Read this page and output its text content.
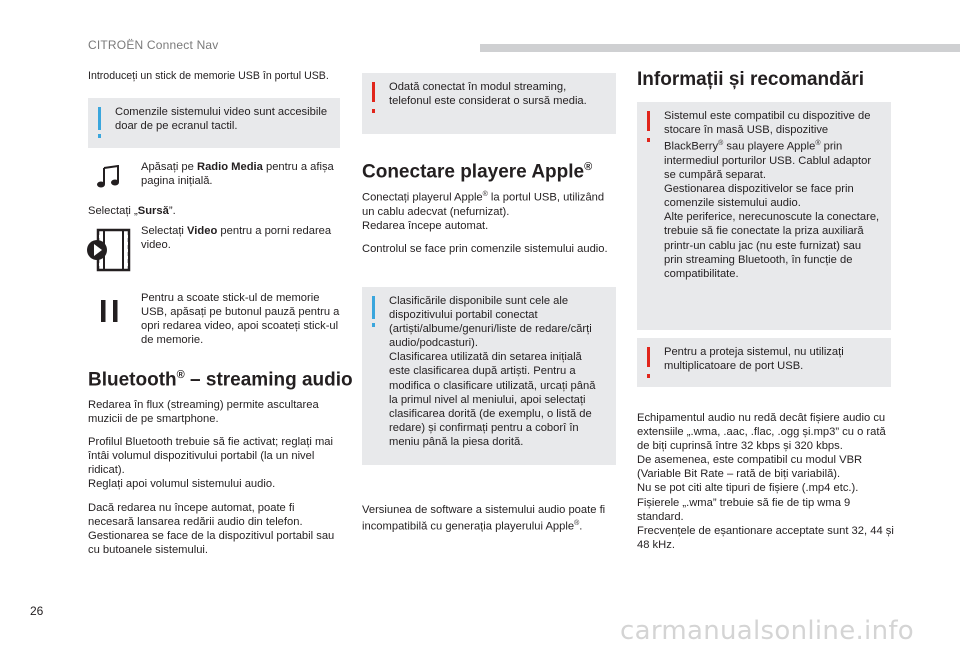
CITROËN Connect Nav

Introduceți un stick de memorie USB în portul USB.

Comenzile sistemului video sunt accesibile doar de pe ecranul tactil.
Apăsați pe Radio Media pentru a afișa pagina inițială.

Selectați „Sursă”.

Selectați Video pentru a porni redarea video.
Pentru a scoate stick-ul de memorie USB, apăsați pe butonul pauză pentru a opri redarea video, apoi scoateți stick-ul de memorie.
Bluetooth® – streaming audio

Redarea în flux (streaming) permite ascultarea muzicii de pe smartphone.

Profilul Bluetooth trebuie să fie activat; reglați mai întâi volumul dispozitivului portabil (la un nivel ridicat).

Reglați apoi volumul sistemului audio.

Dacă redarea nu începe automat, poate fi necesară lansarea redării audio din telefon.

Gestionarea se face de la dispozitivul portabil sau cu butoanele sistemului.

Odată conectat în modul streaming, telefonul este considerat o sursă media.
Conectare playere Apple®

Conectați playerul Apple® la portul USB, utilizând un cablu adecvat (nefurnizat).

Redarea începe automat.

Controlul se face prin comenzile sistemului audio.

Clasificările disponibile sunt cele ale dispozitivului portabil conectat (artiști/albume/genuri/liste de redare/cărți audio/podcasturi).

Clasificarea utilizată din setarea inițială este clasificarea după artiști. Pentru a modifica o clasificare utilizată, urcați până la primul nivel al meniului, apoi selectați clasificarea dorită (de exemplu, o listă de redare) și confirmați pentru a coborî în meniu până la piesa dorită.

Versiunea de software a sistemului audio poate fi incompatibilă cu generația playerului Apple®.

Informații și recomandări

Sistemul este compatibil cu dispozitive de stocare în masă USB, dispozitive BlackBerry® sau playere Apple® prin intermediul porturilor USB. Cablul adaptor se cumpără separat.

Gestionarea dispozitivelor se face prin comenzile sistemului audio.

Alte periferice, nerecunoscute la conectare, trebuie să fie conectate la priza auxiliară printr-un cablu jac (nu este furnizat) sau prin streaming Bluetooth, în funcție de compatibilitate.

Pentru a proteja sistemul, nu utilizați multiplicatoare de port USB.

Echipamentul audio nu redă decât fișiere audio cu extensiile „.wma, .aac, .flac, .ogg și.mp3” cu o rată de biți cuprinsă între 32 kbps și 320 kbps.

De asemenea, este compatibil cu modul VBR (Variable Bit Rate – rată de biți variabilă).

Nu se pot citi alte tipuri de fișiere (.mp4 etc.).

Fișierele „.wma” trebuie să fie de tip wma 9 standard.

Frecvențele de eșantionare acceptate sunt 32, 44 și 48 kHz.

26
carmanualsonline.info
